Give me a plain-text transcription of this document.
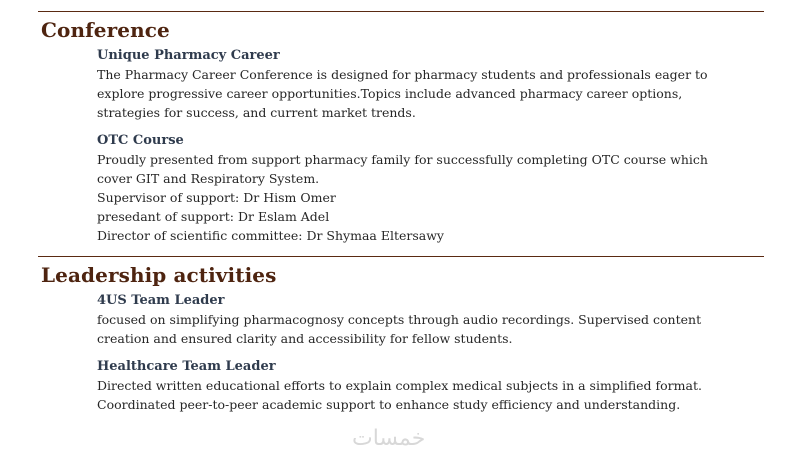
Conference
Unique Pharmacy Career
The Pharmacy Career Conference is designed for pharmacy students and professionals eager to
explore progressive career opportunities.Topics include advanced pharmacy career options,
strategies for success, and current market trends.
OTC Course
Proudly presented from support pharmacy family for successfully completing OTC course which
cover GIT and Respiratory System.
Supervisor of support: Dr Hism Omer
presedant of support: Dr Eslam Adel
Director of scientific committee: Dr Shymaa Eltersawy
Leadership activities
4US Team Leader
focused on simplifying pharmacognosy concepts through audio recordings. Supervised content
creation and ensured clarity and accessibility for fellow students.
Healthcare Team Leader
Directed written educational efforts to explain complex medical subjects in a simplified format.
Coordinated peer-to-peer academic support to enhance study efficiency and understanding.
خمسات
